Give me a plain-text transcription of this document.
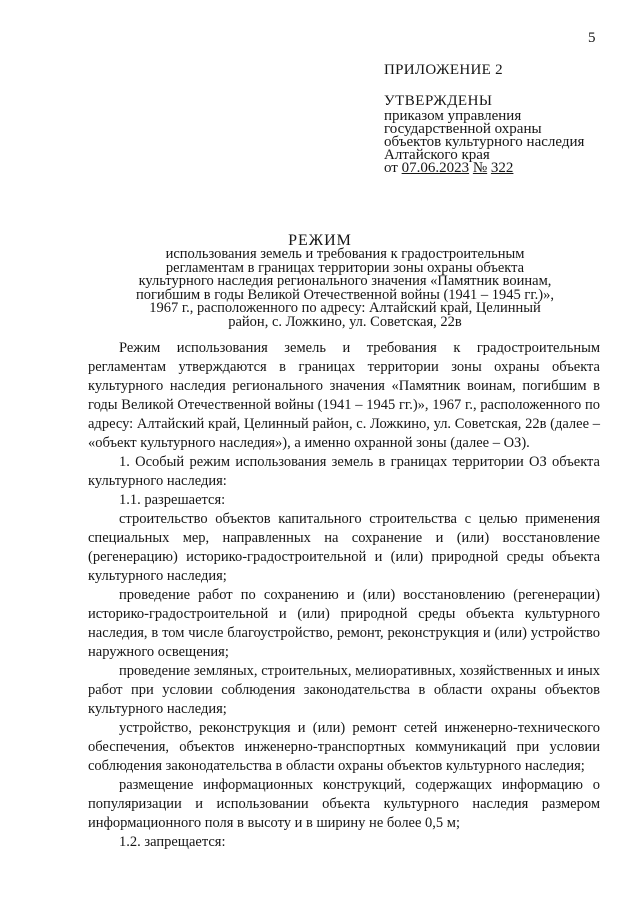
5
ПРИЛОЖЕНИЕ 2
УТВЕРЖДЕНЫ
приказом управления
государственной охраны
объектов культурного наследия
Алтайского края
от 07.06.2023 № 322
РЕЖИМ
использования земель и требования к градостроительным
регламентам в границах территории зоны охраны объекта
культурного наследия регионального значения «Памятник воинам,
погибшим в годы Великой Отечественной войны (1941 – 1945 гг.)»,
1967 г., расположенного по адресу: Алтайский край, Целинный
район, с. Ложкино, ул. Советская, 22в

Режим использования земель и требования к градостроительным регламентам утверждаются в границах территории зоны охраны объекта культурного наследия регионального значения «Памятник воинам, погибшим в годы Великой Отечественной войны (1941 – 1945 гг.)», 1967 г., расположенного по адресу: Алтайский край, Целинный район, с. Ложкино, ул. Советская, 22в (далее – «объект культурного наследия»), а именно охранной зоны (далее – ОЗ).

1. Особый режим использования земель в границах территории ОЗ объекта культурного наследия:

1.1. разрешается:

строительство объектов капитального строительства с целью применения специальных мер, направленных на сохранение и (или) восстановление (регенерацию) историко-градостроительной и (или) природной среды объекта культурного наследия;

проведение работ по сохранению и (или) восстановлению (регенерации) историко-градостроительной и (или) природной среды объекта культурного наследия, в том числе благоустройство, ремонт, реконструкция и (или) устройство наружного освещения;

проведение земляных, строительных, мелиоративных, хозяйственных и иных работ при условии соблюдения законодательства в области охраны объектов культурного наследия;

устройство, реконструкция и (или) ремонт сетей инженерно-технического обеспечения, объектов инженерно-транспортных коммуникаций при условии соблюдения законодательства в области охраны объектов культурного наследия;

размещение информационных конструкций, содержащих информацию о популяризации и использовании объекта культурного наследия размером информационного поля в высоту и в ширину не более 0,5 м;

1.2. запрещается:
